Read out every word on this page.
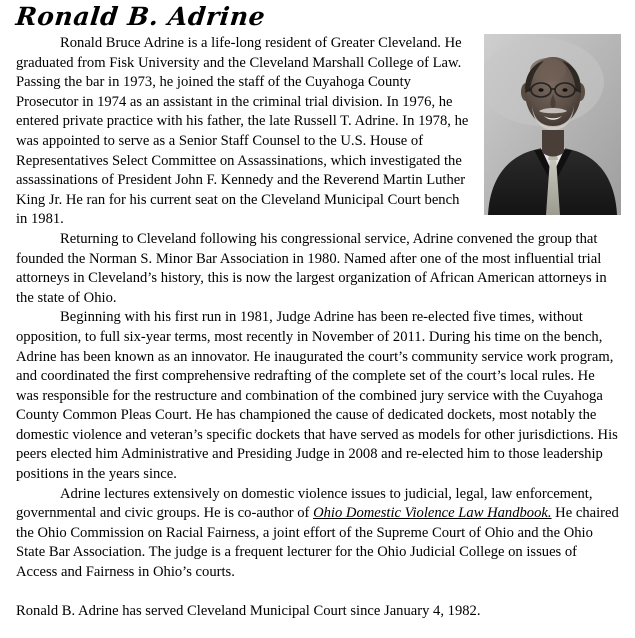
Ronald B. Adrine

Ronald Bruce Adrine is a life-long resident of Greater Cleveland. He graduated from Fisk University and the Cleveland Marshall College of Law. Passing the bar in 1973, he joined the staff of the Cuyahoga County Prosecutor in 1974 as an assistant in the criminal trial division. In 1976, he entered private practice with his father, the late Russell T. Adrine. In 1978, he was appointed to serve as a Senior Staff Counsel to the U.S. House of Representatives Select Committee on Assassinations, which investigated the assassinations of President John F. Kennedy and the Reverend Martin Luther King Jr. He ran for his current seat on the Cleveland Municipal Court bench in 1981.

Returning to Cleveland following his congressional service, Adrine convened the group that founded the Norman S. Minor Bar Association in 1980. Named after one of the most influential trial attorneys in Cleveland’s history, this is now the largest organization of African American attorneys in the state of Ohio.

Beginning with his first run in 1981, Judge Adrine has been re-elected five times, without opposition, to full six-year terms, most recently in November of 2011. During his time on the bench, Adrine has been known as an innovator. He inaugurated the court’s community service work program, and coordinated the first comprehensive redrafting of the complete set of the court’s local rules. He was responsible for the restructure and combination of the combined jury service with the Cuyahoga County Common Pleas Court. He has championed the cause of dedicated dockets, most notably the domestic violence and veteran’s specific dockets that have served as models for other jurisdictions. His peers elected him Administrative and Presiding Judge in 2008 and re-elected him to those leadership positions in the years since.

Adrine lectures extensively on domestic violence issues to judicial, legal, law enforcement, governmental and civic groups. He is co-author of Ohio Domestic Violence Law Handbook. He chaired the Ohio Commission on Racial Fairness, a joint effort of the Supreme Court of Ohio and the Ohio State Bar Association. The judge is a frequent lecturer for the Ohio Judicial College on issues of Access and Fairness in Ohio’s courts.

Ronald B. Adrine has served Cleveland Municipal Court since January 4, 1982.
